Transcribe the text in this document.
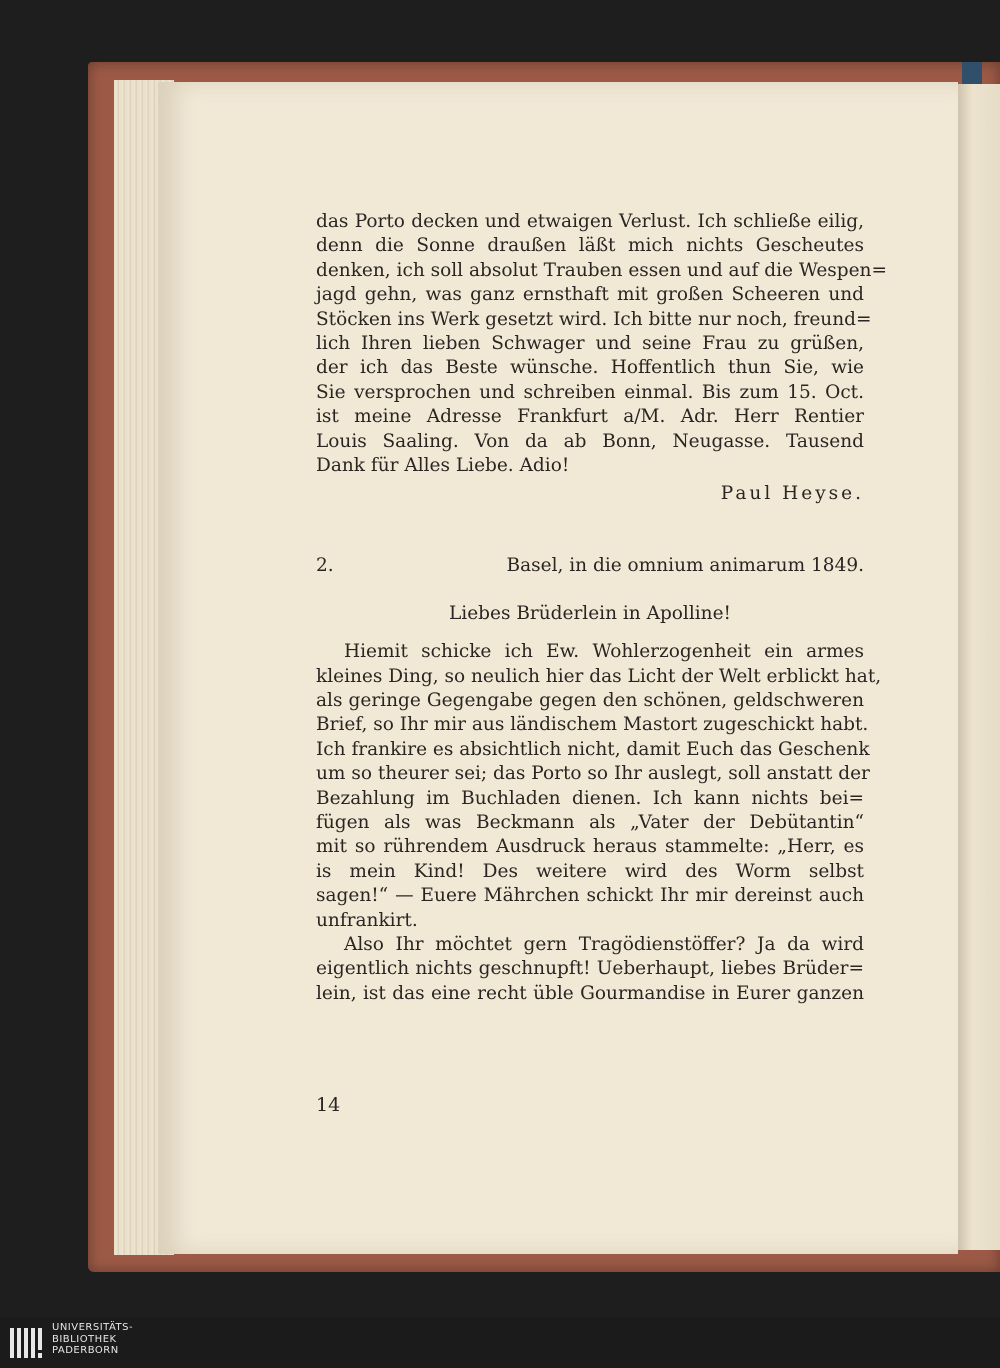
das Porto decken und etwaigen Verlust. Ich schließe eilig,
denn die Sonne draußen läßt mich nichts Gescheutes
denken, ich soll absolut Trauben essen und auf die Wespen=
jagd gehn, was ganz ernsthaft mit großen Scheeren und
Stöcken ins Werk gesetzt wird. Ich bitte nur noch, freund=
lich Ihren lieben Schwager und seine Frau zu grüßen,
der ich das Beste wünsche. Hoffentlich thun Sie, wie
Sie versprochen und schreiben einmal. Bis zum 15. Oct.
ist meine Adresse Frankfurt a/M. Adr. Herr Rentier
Louis Saaling. Von da ab Bonn, Neugasse. Tausend
Dank für Alles Liebe. Adio!
Paul Heyse.
2.	Basel, in die omnium animarum 1849.
Liebes Brüderlein in Apolline!
Hiemit schicke ich Ew. Wohlerzogenheit ein armes
kleines Ding, so neulich hier das Licht der Welt erblickt hat,
als geringe Gegengabe gegen den schönen, geldschweren
Brief, so Ihr mir aus ländischem Mastort zugeschickt habt.
Ich frankire es absichtlich nicht, damit Euch das Geschenk
um so theurer sei; das Porto so Ihr auslegt, soll anstatt der
Bezahlung im Buchladen dienen. Ich kann nichts bei=
fügen als was Beckmann als „Vater der Debütantin“
mit so rührendem Ausdruck heraus stammelte: „Herr, es
is mein Kind! Des weitere wird des Worm selbst
sagen!“ — Euere Mährchen schickt Ihr mir dereinst auch
unfrankirt.
Also Ihr möchtet gern Tragödienstöffer? Ja da wird
eigentlich nichts geschnupft! Ueberhaupt, liebes Brüder=
lein, ist das eine recht üble Gourmandise in Eurer ganzen
14
UNIVERSITÄTS-
BIBLIOTHEK
PADERBORN
